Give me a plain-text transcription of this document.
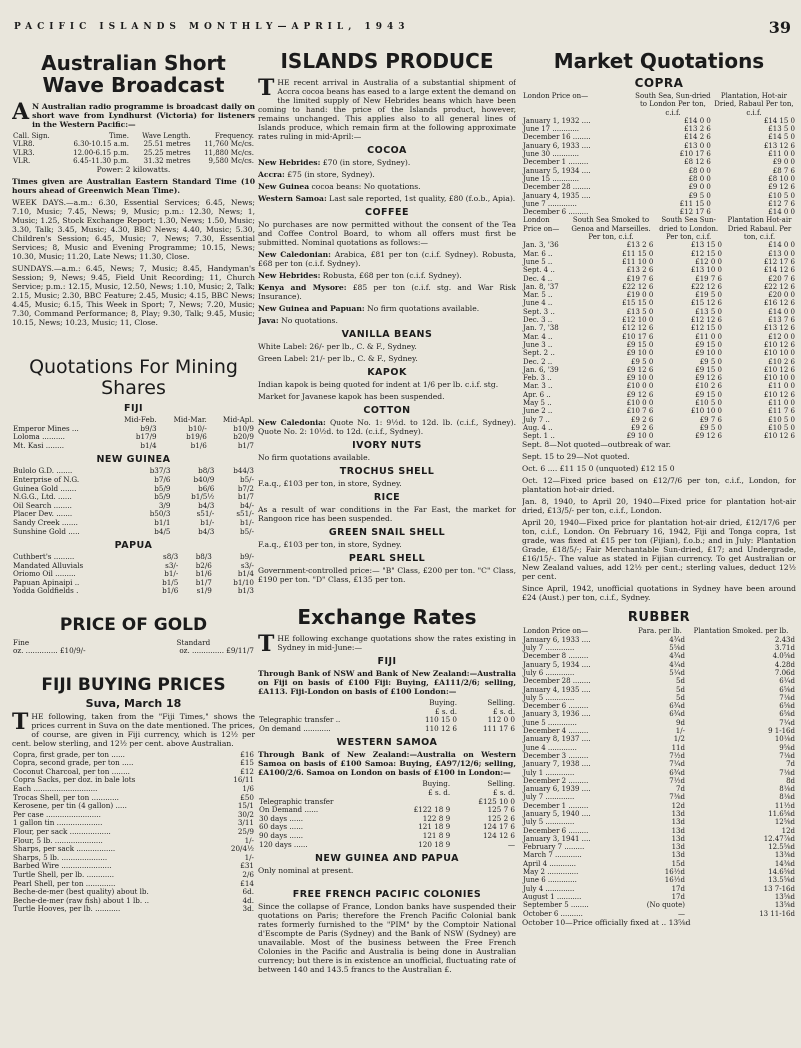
PACIFIC ISLANDS MONTHLY—APRIL, 1943	39
Australian Short Wave Broadcast

A N Australian radio programme is broadcast daily on short wave from Lyndhurst (Victoria) for listeners in the Western Pacific:—

Call. Sign.	Time.	Wave Length.	Frequency.
VLR8.	6.30-10.15 a.m.	25.51 metres	11,760 Mc/cs.
VLR3.	12.00-6.15 p.m.	25.25 metres	11,880 Mc/cs.
VLR.	6.45-11.30 p.m.	31.32 metres	9,580 Mc/cs.

Power: 2 kilowatts.

Times given are Australian Eastern Standard Time (10 hours ahead of Greenwich Mean Time).

WEEK DAYS.—a.m.: 6.30, Essential Services; 6.45, News; 7.10, Music; 7.45, News; 9, Music; p.m.: 12.30, News; 1, Music; 1.25, Stock Exchange Report; 1.30, News; 1.50, Music; 3.30, Talk; 3.45, Music; 4.30, BBC News; 4.40, Music; 5.30, Children's Session; 6.45, Music; 7, News; 7.30, Essential Services; 8, Music and Evening Programme; 10.15, News; 10.30, Music; 11.20, Late News; 11.30, Close.

SUNDAYS.—a.m.: 6.45, News; 7, Music; 8.45, Handyman's Session; 9, News; 9.45, Field Unit Recording; 11, Church Service; p.m.: 12.15, Music, 12.50, News; 1.10, Music; 2, Talk; 2.15, Music; 2.30, BBC Feature; 2.45, Music; 4.15, BBC News; 4.45, Music; 6.15, This Week in Sport; 7, News; 7.20, Music; 7.30, Command Performance; 8, Play; 9.30, Talk; 9.45, Music; 10.15, News; 10.23, Music; 11, Close.

Quotations For Mining Shares
FIJI
	Mid-Feb.	Mid-Mar.	Mid-Apl.
Emperor Mines ...	b9/3	b10/-	b10/9
Loloma ..........	b17/9	b19/6	b20/9
Mt. Kasi ........	b1/4	b1/6	b1/7
NEW GUINEA
Bulolo G.D. .......	b37/3	b8/3	b44/3
Enterprise of N.G.	b7/6	b40/9	b5/-
Guinea Gold .......	b5/9	b6/6	b7/2
N.G.G., Ltd. ......	b5/9	b1/5½	b1/7
Oil Search ........	3/9	b4/3	b4/-
Placer Dev. .......	b50/3	s51/-	s51/-
Sandy Creek .......	b1/1	b1/-	b1/-
Sunshine Gold .....	b4/5	b4/3	b5/-
PAPUA
Cuthbert's .........	s8/3	b8/3	b9/-
Mandated Alluvials	s3/-	b2/6	s3/-
Oriomo Oil .........	b1/-	b1/6	b1/4
Papuan Apinaipi ..	b1/5	b1/7	b1/10
Yodda Goldfields .	b1/6	s1/9	b1/3
PRICE OF GOLD
Fine	Standard
oz. .............. £10/9/-	oz. .............. £9/11/7
FIJI BUYING PRICES
Suva, March 18

THE following, taken from the "Fiji Times," shows the prices current in Suva on the date mentioned. The prices, of course, are given in Fiji currency, which is 12½ per cent. below sterling, and 12½ per cent. above Australian.

Copra, first grade, per ton ......	£16
Copra, second grade, per ton .....	£15
Coconut Charcoal, per ton ........	£12
Copra Sacks, per doz. in bale lots	16/11
Each ............................	1/6
Trocas Shell, per ton ............	£50
Kerosene, per tin (4 gallon) .....	15/1
Per case ........................	30/2
1 gallon tin ....................	3/11
Flour, per sack ..................	25/9
Flour, 5 lb. .....................	1/-
Sharps, per sack .................	20/4½
Sharps, 5 lb. ....................	1/-
Barbed Wire ......................	£31
Turtle Shell, per lb. ............	2/6
Pearl Shell, per ton .............	£14
Beche-de-mer (best quality) about lb.	6d.
Beche-de-mer (raw fish) about 1 lb. ..	4d.
Turtle Hooves, per lb. ...........	3d.
ISLANDS PRODUCE

THE recent arrival in Australia of a substantial shipment of Accra cocoa beans has eased to a large extent the demand on the limited supply of New Hebrides beans which have been coming to hand: the price of the Islands product, however, remains unchanged. This applies also to all general lines of Islands produce, which remain firm at the following approximate rates ruling in mid-April:—

COCOA

New Hebrides: £70 (in store, Sydney).

Accra: £75 (in store, Sydney).

New Guinea cocoa beans: No quotations.

Western Samoa: Last sale reported, 1st quality, £80 (f.o.b., Apia).

COFFEE

No purchases are now permitted without the consent of the Tea and Coffee Control Board, to whom all offers must first be submitted. Nominal quotations as follows:—

New Caledonian: Arabica, £81 per ton (c.i.f. Sydney). Robusta, £68 per ton (c.i.f. Sydney).

New Hebrides: Robusta, £68 per ton (c.i.f. Sydney).

Kenya and Mysore: £85 per ton (c.i.f. stg. and War Risk Insurance).

New Guinea and Papuan: No firm quotations available.

Java: No quotations.

VANILLA BEANS

White Label: 26/- per lb., C. & F., Sydney.

Green Label: 21/- per lb., C. & F., Sydney.

KAPOK

Indian kapok is being quoted for indent at 1/6 per lb. c.i.f. stg.

Market for Javanese kapok has been suspended.

COTTON

New Caledonia: Quote No. 1: 9½d. to 12d. lb. (c.i.f., Sydney). Quote No. 2: 10½d. to 12d. (c.i.f., Sydney).

IVORY NUTS

No firm quotations available.

TROCHUS SHELL

F.a.q., £103 per ton, in store, Sydney.

RICE

As a result of war conditions in the Far East, the market for Rangoon rice has been suspended.

GREEN SNAIL SHELL

F.a.q., £103 per ton, in store, Sydney.

PEARL SHELL

Government-controlled price:— "B" Class, £200 per ton. "C" Class, £190 per ton. "D" Class, £135 per ton.

Exchange Rates

THE following exchange quotations show the rates existing in Sydney in mid-June:—

FIJI

Through Bank of NSW and Bank of New Zealand:—Australia on Fiji on basis of £100 Fiji: Buying, £A111/2/6; selling, £A113. Fiji-London on basis of £100 London:—

	Buying.	Selling.
	£ s. d.	£ s. d.
Telegraphic transfer ..	110 15 0	112 0 0
On demand ............	110 12 6	111 17 6
WESTERN SAMOA

Through Bank of New Zealand:—Australia on Western Samoa on basis of £100 Samoa: Buying, £A97/12/6; selling, £A100/2/6. Samoa on London on basis of £100 in London:—

	Buying.	Selling.
	£ s. d.	£ s. d.
Telegraphic transfer		£125 10 0
On Demand ......	£122 18 9	125 7 6
30 days ......	122 8 9	125 2 6
60 days ......	121 18 9	124 17 6
90 days ......	121 8 9	124 12 6
120 days ......	120 18 9	—
NEW GUINEA AND PAPUA

Only nominal at present.

FREE FRENCH PACIFIC COLONIES

Since the collapse of France, London banks have suspended their quotations on Paris; therefore the French Pacific Colonial bank rates formerly furnished to the "PIM" by the Comptoir National d'Escompte de Paris (Sydney) and the Bank of NSW (Sydney) are unavailable. Most of the business between the Free French Colonies in the Pacific and Australia is being done in Australian currency; but there is in existence an unofficial, fluctuating rate of between 140 and 143.5 francs to the Australian £.

Market Quotations
COPRA
London Price on—	South Sea, Sun-dried to London Per ton, c.i.f.	Plantation, Hot-air Dried, Rabaul Per ton, c.i.f.
January 1, 1932 ....	£14 0 0	£14 15 0
June 17 ............	£13 2 6	£13 5 0
December 16 ........	£14 2 6	£14 5 0
January 6, 1933 ....	£13 0 0	£13 12 6
June 30 ............	£10 17 6	£11 0 0
December 1 .........	£8 12 6	£9 0 0
January 5, 1934 ....	£8 0 0	£8 7 6
June 15 ............	£8 0 0	£8 10 0
December 28 ........	£9 0 0	£9 12 6
January 4, 1935 ....	£9 5 0	£10 5 0
June 7 .............	£11 15 0	£12 7 6
December 6 .........	£12 17 6	£14 0 0
London Price on—	South Sea Smoked to Genoa and Marseilles. Per ton, c.i.f.	South Sea Sun-dried to London. Per ton, c.i.f.	Plantation Hot-air Dried Rabaul. Per ton, c.i.f.
Jan. 3, '36	£13 2 6	£13 15 0	£14 0 0
Mar. 6 ..	£11 15 0	£12 15 0	£13 0 0
June 5 ..	£11 10 0	£12 0 0	£12 17 6
Sept. 4 ..	£13 2 6	£13 10 0	£14 12 6
Dec. 4 ..	£19 7 6	£19 7 6	£20 7 6
Jan. 8, '37	£22 12 6	£22 12 6	£22 12 6
Mar. 5 ..	£19 0 0	£19 5 0	£20 0 0
June 4 ..	£15 15 0	£15 12 6	£16 12 6
Sept. 3 ..	£13 5 0	£13 5 0	£14 0 0
Dec. 3 ..	£12 10 0	£12 12 6	£13 7 6
Jan. 7, '38	£12 12 6	£12 15 0	£13 12 6
Mar. 4 ..	£10 17 6	£11 0 0	£12 0 0
June 3 ..	£9 15 0	£9 15 0	£10 12 6
Sept. 2 ..	£9 10 0	£9 10 0	£10 10 0
Dec. 2 ..	£9 5 0	£9 5 0	£10 2 6
Jan. 6, '39	£9 12 6	£9 15 0	£10 12 6
Feb. 3 ..	£9 10 0	£9 12 6	£10 10 0
Mar. 3 ..	£10 0 0	£10 2 6	£11 0 0
Apr. 6 ..	£9 12 6	£9 15 0	£10 12 6
May 5 ..	£10 0 0	£10 5 0	£11 0 0
June 2 ..	£10 7 6	£10 10 0	£11 7 6
July 7 ..	£9 2 6	£9 7 6	£10 5 0
Aug. 4 ..	£9 2 6	£9 5 0	£10 5 0
Sept. 1 ..	£9 10 0	£9 12 6	£10 12 6

Sept. 8—Not quoted—outbreak of war.

Sept. 15 to 29—Not quoted.

Oct. 6 .... £11 15 0 (unquoted) £12 15 0

Oct. 12—Fixed price based on £12/7/6 per ton, c.i.f., London, for plantation hot-air dried.

Jan. 8, 1940, to April 20, 1940—Fixed price for plantation hot-air dried, £13/5/- per ton, c.i.f., London.

April 20, 1940—Fixed price for plantation hot-air dried, £12/17/6 per ton, c.i.f., London. On February 16, 1942, Fiji and Tonga copra, 1st grade, was fixed at £15 per ton (Fijian), f.o.b.; and in July: Plantation Grade, £18/5/-; Fair Merchantable Sun-dried, £17; and Undergrade, £16/15/-. The value as stated in Fijian currency. To get Australian or New Zealand values, add 12½ per cent.; sterling values, deduct 12½ per cent.

Since April, 1942, unofficial quotations in Sydney have been around £24 (Aust.) per ton, c.i.f., Sydney.

RUBBER
London Price on—	Para. per lb.	Plantation Smoked. per lb.
January 6, 1933 ....	4¾d	2.43d
July 7 .............	5⅝d	3.71d
December 8 .........	4¾d	4.0⅝d
January 5, 1934 ....	4¼d	4.28d
July 6 .............	5¼d	7.06d
December 28 ........	5d	6¼d
January 4, 1935 ....	5d	6⅝d
July 5 .............	5d	7⅛d
December 6 .........	6¾d	6⅝d
January 3, 1936 ....	6¾d	6⅝d
June 5 .............	9d	7¼d
December 4 .........	1/-	9 1-16d
January 8, 1937 ....	1/2	10⅛d
June 4 .............	11d	9⅝d
December 3 .........	7½d	7⅛d
January 7, 1938 ....	7¼d	7d
July 1 .............	6¾d	7⅛d
December 2 .........	7½d	8d
January 6, 1939 ....	7d	8⅛d
July 7 .............	7⅜d	8⅛d
December 1 .........	12d	11½d
January 5, 1940 ....	13d	11.6⅝d
July 5 .............	13d	12⅝d
December 6 .........	13d	12d
January 3, 1941 ....	13d	12.47⅞d
February 7 .........	13d	12.5⅝d
March 7 ............	13d	13⅜d
April 4 ............	15d	14⅜d
May 2 ..............	16½d	14.6⅝d
June 6 .............	16½d	13.5⅝d
July 4 .............	17d	13 7-16d
August 1 ...........	17d	13⅝d
September 5 ........	(No quote)	13⅝d
October 6 ..........	—	13 11-16d

October 10—Price officially fixed at .. 13⅝d
